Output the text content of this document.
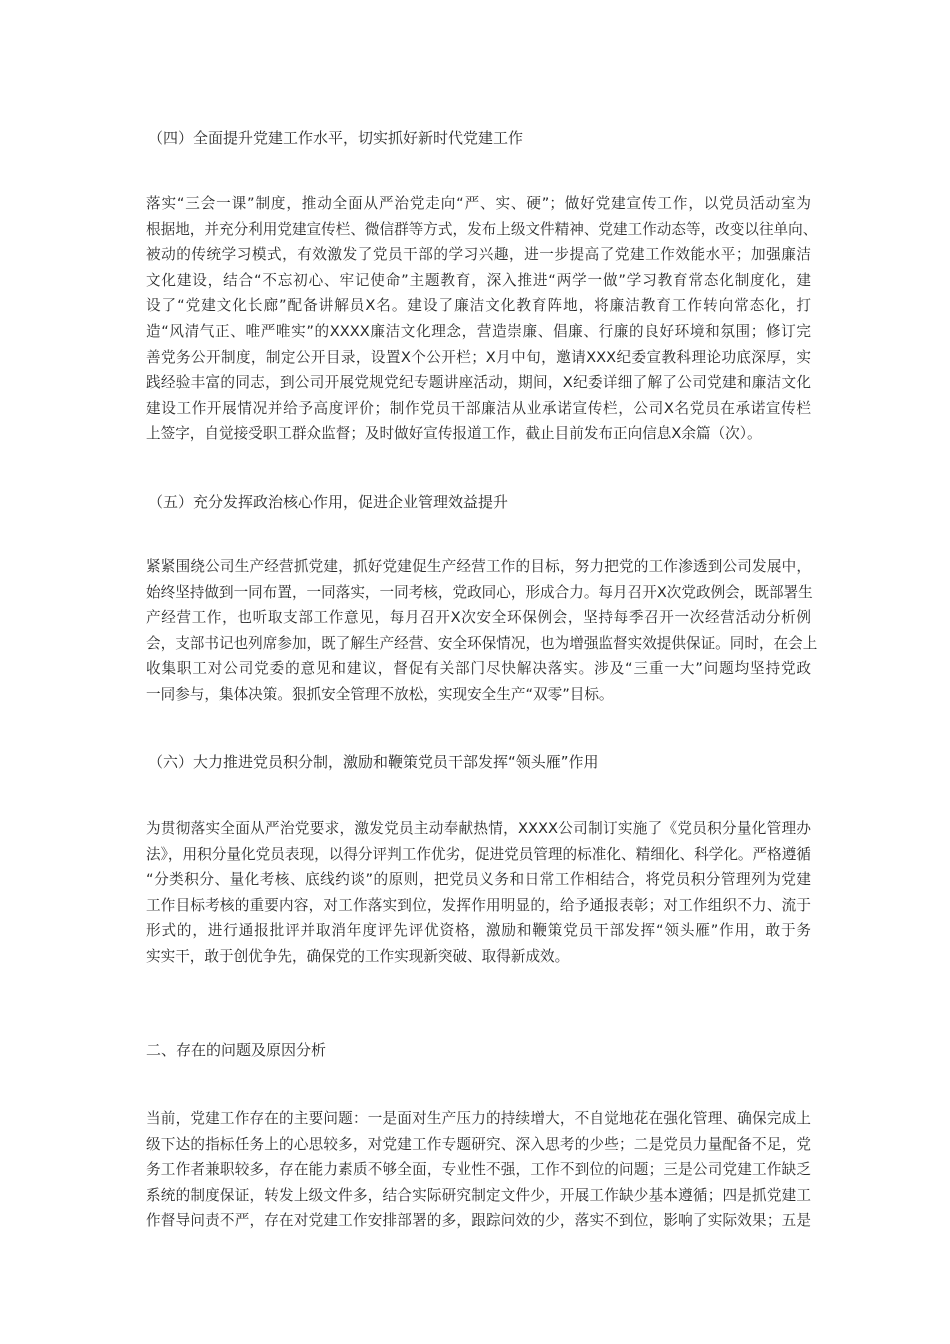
（四）全面提升党建工作水平，切实抓好新时代党建工作
落实“三会一课”制度，推动全面从严治党走向“严、实、硬”；做好党建宣传工作，以党员活动室为
根据地，并充分利用党建宣传栏、微信群等方式，发布上级文件精神、党建工作动态等，改变以往单向、
被动的传统学习模式，有效激发了党员干部的学习兴趣，进一步提高了党建工作效能水平；加强廉洁
文化建设，结合“不忘初心、牢记使命”主题教育，深入推进“两学一做”学习教育常态化制度化，建
设了“党建文化长廊”配备讲解员X名。建设了廉洁文化教育阵地，将廉洁教育工作转向常态化，打
造“风清气正、唯严唯实”的XXXX廉洁文化理念，营造崇廉、倡廉、行廉的良好环境和氛围；修订完
善党务公开制度，制定公开目录，设置X个公开栏；X月中旬，邀请XXX纪委宣教科理论功底深厚，实
践经验丰富的同志，到公司开展党规党纪专题讲座活动，期间，X纪委详细了解了公司党建和廉洁文化
建设工作开展情况并给予高度评价；制作党员干部廉洁从业承诺宣传栏，公司X名党员在承诺宣传栏
上签字，自觉接受职工群众监督；及时做好宣传报道工作，截止目前发布正向信息X余篇（次）。
（五）充分发挥政治核心作用，促进企业管理效益提升
紧紧围绕公司生产经营抓党建，抓好党建促生产经营工作的目标，努力把党的工作渗透到公司发展中，
始终坚持做到一同布置，一同落实，一同考核，党政同心，形成合力。每月召开X次党政例会，既部署生
产经营工作，也听取支部工作意见，每月召开X次安全环保例会，坚持每季召开一次经营活动分析例
会，支部书记也列席参加，既了解生产经营、安全环保情况，也为增强监督实效提供保证。同时，在会上
收集职工对公司党委的意见和建议，督促有关部门尽快解决落实。涉及“三重一大”问题均坚持党政
一同参与，集体决策。狠抓安全管理不放松，实现安全生产“双零”目标。
（六）大力推进党员积分制，激励和鞭策党员干部发挥“领头雁”作用
为贯彻落实全面从严治党要求，激发党员主动奉献热情，XXXX公司制订实施了《党员积分量化管理办
法》，用积分量化党员表现，以得分评判工作优劣，促进党员管理的标准化、精细化、科学化。严格遵循
“分类积分、量化考核、底线约谈”的原则，把党员义务和日常工作相结合，将党员积分管理列为党建
工作目标考核的重要内容，对工作落实到位，发挥作用明显的，给予通报表彰；对工作组织不力、流于
形式的，进行通报批评并取消年度评先评优资格，激励和鞭策党员干部发挥“领头雁”作用，敢于务
实实干，敢于创优争先，确保党的工作实现新突破、取得新成效。
二、存在的问题及原因分析
当前，党建工作存在的主要问题：一是面对生产压力的持续增大，不自觉地花在强化管理、确保完成上
级下达的指标任务上的心思较多，对党建工作专题研究、深入思考的少些；二是党员力量配备不足，党
务工作者兼职较多，存在能力素质不够全面，专业性不强，工作不到位的问题；三是公司党建工作缺乏
系统的制度保证，转发上级文件多，结合实际研究制定文件少，开展工作缺少基本遵循；四是抓党建工
作督导问责不严，存在对党建工作安排部署的多，跟踪问效的少，落实不到位，影响了实际效果；五是
